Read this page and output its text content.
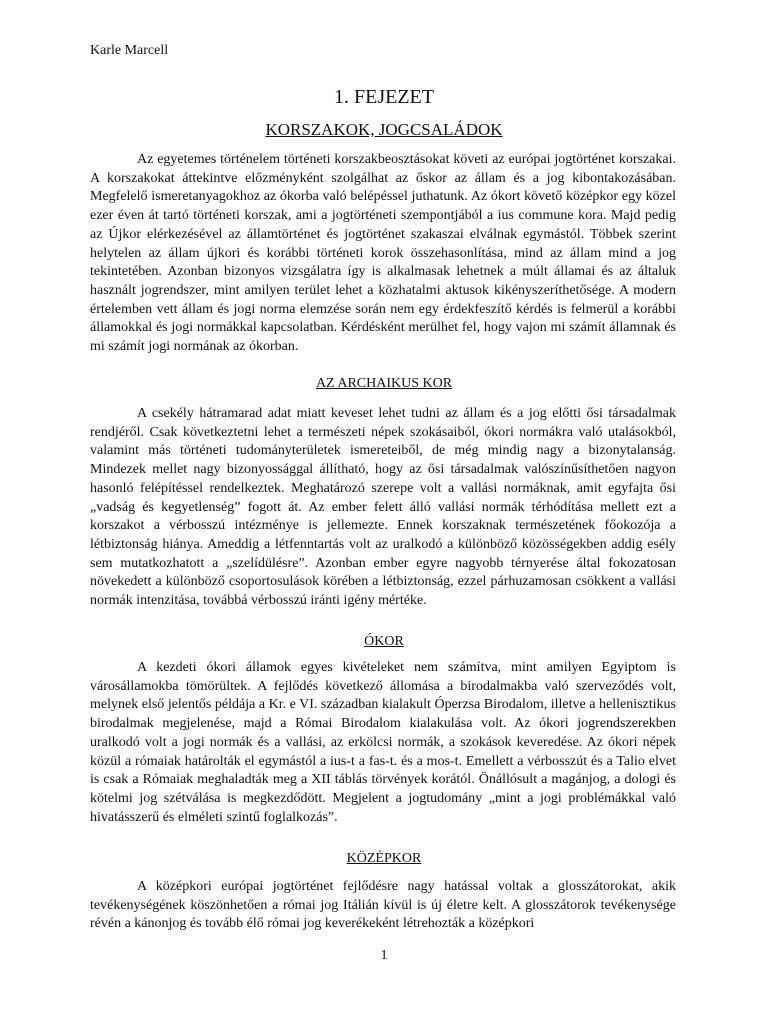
Karle Marcell
1. FEJEZET
KORSZAKOK, JOGCSALÁDOK

Az egyetemes történelem történeti korszakbeosztásokat követi az európai jogtörténet korszakai. A korszakokat áttekintve előzményként szolgálhat az őskor az állam és a jog kibontakozásában. Megfelelő ismeretanyagokhoz az ókorba való belépéssel juthatunk. Az ókort követő középkor egy közel ezer éven át tartó történeti korszak, ami a jogtörténeti szempontjából a ius commune kora. Majd pedig az Újkor elérkezésével az államtörténet és jogtörténet szakaszai elválnak egymástól. Többek szerint helytelen az állam újkori és korábbi történeti korok összehasonlítása, mind az állam mind a jog tekintetében. Azonban bizonyos vizsgálatra így is alkalmasak lehetnek a múlt államai és az általuk használt jogrendszer, mint amilyen terület lehet a közhatalmi aktusok kikényszeríthetősége. A modern értelemben vett állam és jogi norma elemzése során nem egy érdekfeszítő kérdés is felmerül a korábbi államokkal és jogi normákkal kapcsolatban. Kérdésként merülhet fel, hogy vajon mi számít államnak és mi számít jogi normának az ókorban.

AZ ARCHAIKUS KOR

A csekély hátramarad adat miatt keveset lehet tudni az állam és a jog előtti ősi társadalmak rendjéről. Csak következtetni lehet a természeti népek szokásaiból, ókori normákra való utalásokból, valamint más történeti tudományterületek ismereteiből, de még mindig nagy a bizonytalanság. Mindezek mellet nagy bizonyossággal állítható, hogy az ősi társadalmak valószínűsíthetően nagyon hasonló felépítéssel rendelkeztek. Meghatározó szerepe volt a vallási normáknak, amit egyfajta ősi „vadság és kegyetlenség” fogott át. Az ember felett álló vallási normák térhódítása mellett ezt a korszakot a vérbosszú intézménye is jellemezte. Ennek korszaknak természetének főokozója a létbiztonság hiánya. Ameddig a létfenntartás volt az uralkodó a különböző közösségekben addig esély sem mutatkozhatott a „szelídülésre”. Azonban ember egyre nagyobb térnyerése által fokozatosan növekedett a különböző csoportosulások körében a létbiztonság, ezzel párhuzamosan csökkent a vallási normák intenzitása, továbbá vérbosszú iránti igény mértéke.

ÓKOR

A kezdeti ókori államok egyes kivételeket nem számítva, mint amilyen Egyiptom is városállamokba tömörültek. A fejlődés következő állomása a birodalmakba való szerveződés volt, melynek első jelentős példája a Kr. e VI. században kialakult Óperzsa Birodalom, illetve a hellenisztikus birodalmak megjelenése, majd a Római Birodalom kialakulása volt. Az ókori jogrendszerekben uralkodó volt a jogi normák és a vallási, az erkölcsi normák, a szokások keveredése. Az ókori népek közül a rómaiak határolták el egymástól a ius-t a fas-t. és a mos-t. Emellett a vérbosszút és a Talio elvet is csak a Rómaiak meghaladták meg a XII táblás törvények korától. Önállósult a magánjog, a dologi és kötelmi jog szétválása is megkezdődött. Megjelent a jogtudomány „mint a jogi problémákkal való hivatásszerű és elméleti szintű foglalkozás”.

KÖZÉPKOR

A középkori európai jogtörténet fejlődésre nagy hatással voltak a glosszátorokat, akik tevékenységének köszönhetően a római jog Itálián kívül is új életre kelt. A glosszátorok tevékenysége révén a kánonjog és tovább élő római jog keverékeként létrehozták a középkori

1
